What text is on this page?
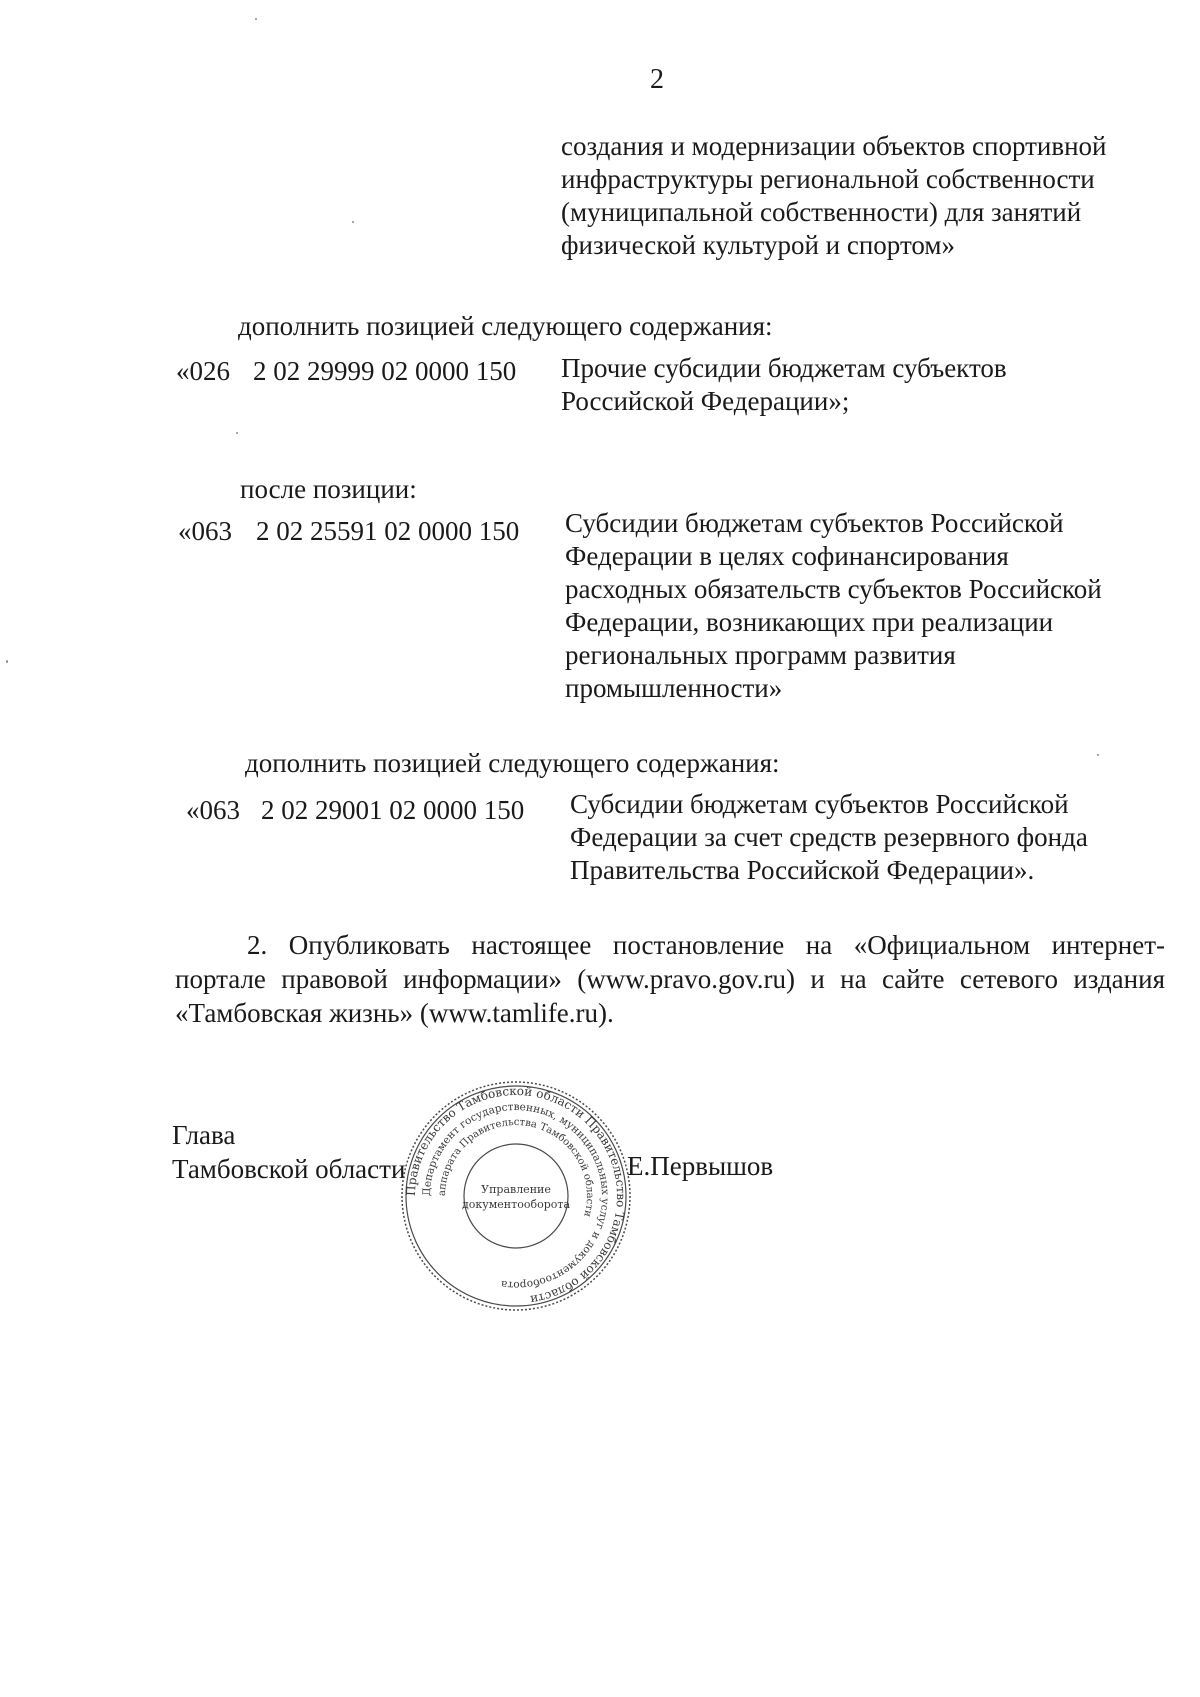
2
создания и модернизации объектов спортивной
инфраструктуры региональной собственности
(муниципальной собственности) для занятий
физической культурой и спортом»
дополнить позицией следующего содержания:
«026 2 02 29999 02 0000 150 Прочие субсидии бюджетам субъектов
Российской Федерации»;
после позиции:
«063 2 02 25591 02 0000 150 Субсидии бюджетам субъектов Российской
Федерации в целях софинансирования
расходных обязательств субъектов Российской
Федерации, возникающих при реализации
региональных программ развития
промышленности»
дополнить позицией следующего содержания:
«063 2 02 29001 02 0000 150 Субсидии бюджетам субъектов Российской
Федерации за счет средств резервного фонда
Правительства Российской Федерации».
2. Опубликовать настоящее постановление на «Официальном интернет-
портале правовой информации» (www.pravo.gov.ru) и на сайте сетевого издания
«Тамбовская жизнь» (www.tamlife.ru).
Глава
Тамбовской области	Е.Первышов
Правительство Тамбовской области Правительство Тамбовской области
Департамент государственных, муниципальных услуг и документооборота
аппарата Правительства Тамбовской области
Управление
документооборота
